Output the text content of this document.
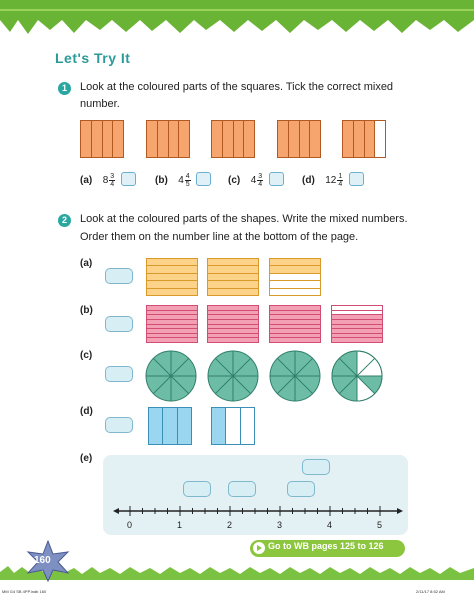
Let's Try It
1	Look at the coloured parts of the squares. Tick the correct mixed
number.
(a) $8 \frac{3}{4}$
	(b) $4 \frac{4}{5}$
	(c) $4 \frac{3}{4}$
	(d) $12 \frac{1}{4}$

2	Look at the coloured parts of the shapes. Write the mixed numbers.
Order them on the number line at the bottom of the page.
(a)
(b)
(c)
(d)
(e)
0	1	2	3	4	5
Go to WB pages 125 to 126
160
MM G4 SB 4PP.indb 160	2/11/17 8:52 AM
